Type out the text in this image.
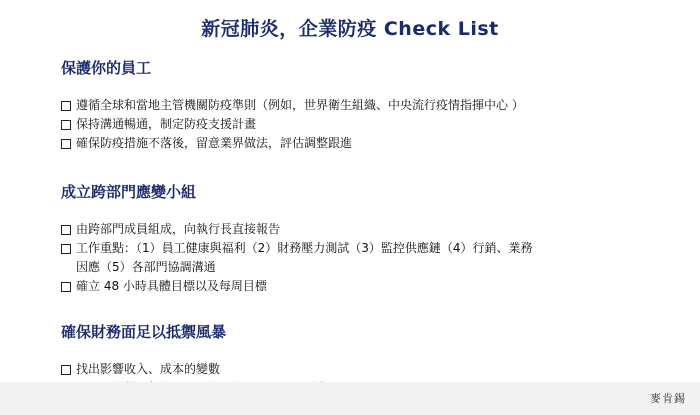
新冠肺炎，企業防疫 Check List
保護你的員工
遵循全球和當地主管機關防疫準則（例如，世界衛生組織、中央流行疫情指揮中心 ）
保持溝通暢通，制定防疫支援計畫
確保防疫措施不落後，留意業界做法，評估調整跟進
成立跨部門應變小組
由跨部門成員組成，向執行長直接報告
工作重點：（1）員工健康與福利（2）財務壓力測試（3）監控供應鏈（4）行銷、業務
因應（5）各部門協調溝通
確立 48 小時具體目標以及每周目標
確保財務面足以抵禦風暴
找出影響收入、成本的變數
麥肯錫
